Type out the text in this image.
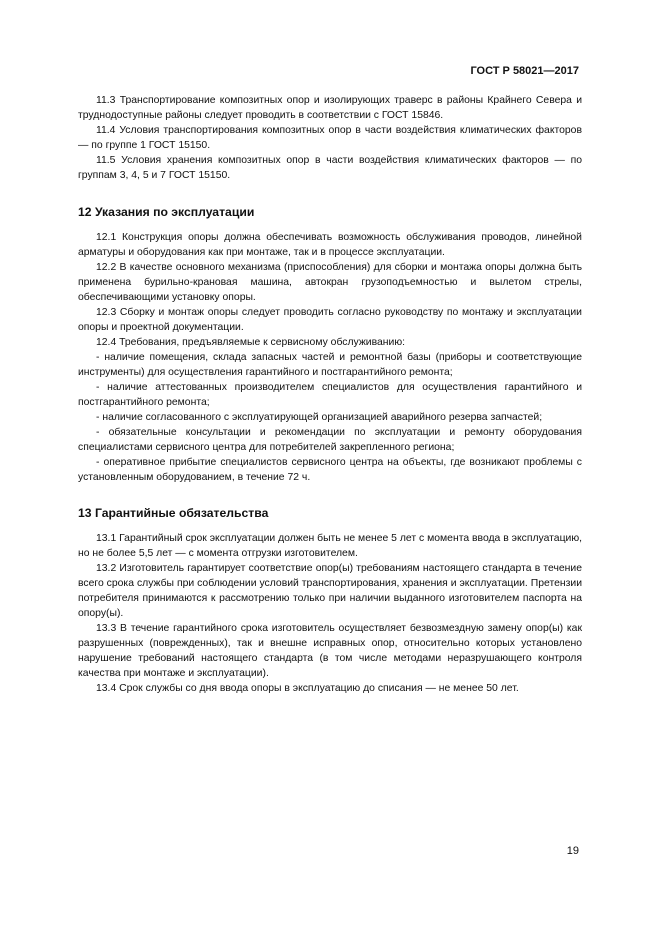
ГОСТ Р 58021—2017

11.3 Транспортирование композитных опор и изолирующих траверс в районы Крайнего Севера и труднодоступные районы следует проводить в соответствии с ГОСТ 15846.

11.4 Условия транспортирования композитных опор в части воздействия климатических факторов — по группе 1 ГОСТ 15150.

11.5 Условия хранения композитных опор в части воздействия климатических факторов — по группам 3, 4, 5 и 7 ГОСТ 15150.

12 Указания по эксплуатации

12.1 Конструкция опоры должна обеспечивать возможность обслуживания проводов, линейной арматуры и оборудования как при монтаже, так и в процессе эксплуатации.

12.2 В качестве основного механизма (приспособления) для сборки и монтажа опоры должна быть применена бурильно-крановая машина, автокран грузоподъемностью и вылетом стрелы, обеспечивающими установку опоры.

12.3 Сборку и монтаж опоры следует проводить согласно руководству по монтажу и эксплуатации опоры и проектной документации.

12.4 Требования, предъявляемые к сервисному обслуживанию:

- наличие помещения, склада запасных частей и ремонтной базы (приборы и соответствующие инструменты) для осуществления гарантийного и постгарантийного ремонта;

- наличие аттестованных производителем специалистов для осуществления гарантийного и постгарантийного ремонта;

- наличие согласованного с эксплуатирующей организацией аварийного резерва запчастей;

- обязательные консультации и рекомендации по эксплуатации и ремонту оборудования специалистами сервисного центра для потребителей закрепленного региона;

- оперативное прибытие специалистов сервисного центра на объекты, где возникают проблемы с установленным оборудованием, в течение 72 ч.

13 Гарантийные обязательства

13.1 Гарантийный срок эксплуатации должен быть не менее 5 лет с момента ввода в эксплуатацию, но не более 5,5 лет — с момента отгрузки изготовителем.

13.2 Изготовитель гарантирует соответствие опор(ы) требованиям настоящего стандарта в течение всего срока службы при соблюдении условий транспортирования, хранения и эксплуатации. Претензии потребителя принимаются к рассмотрению только при наличии выданного изготовителем паспорта на опору(ы).

13.3 В течение гарантийного срока изготовитель осуществляет безвозмездную замену опор(ы) как разрушенных (поврежденных), так и внешне исправных опор, относительно которых установлено нарушение требований настоящего стандарта (в том числе методами неразрушающего контроля качества при монтаже и эксплуатации).

13.4 Срок службы со дня ввода опоры в эксплуатацию до списания — не менее 50 лет.

19
